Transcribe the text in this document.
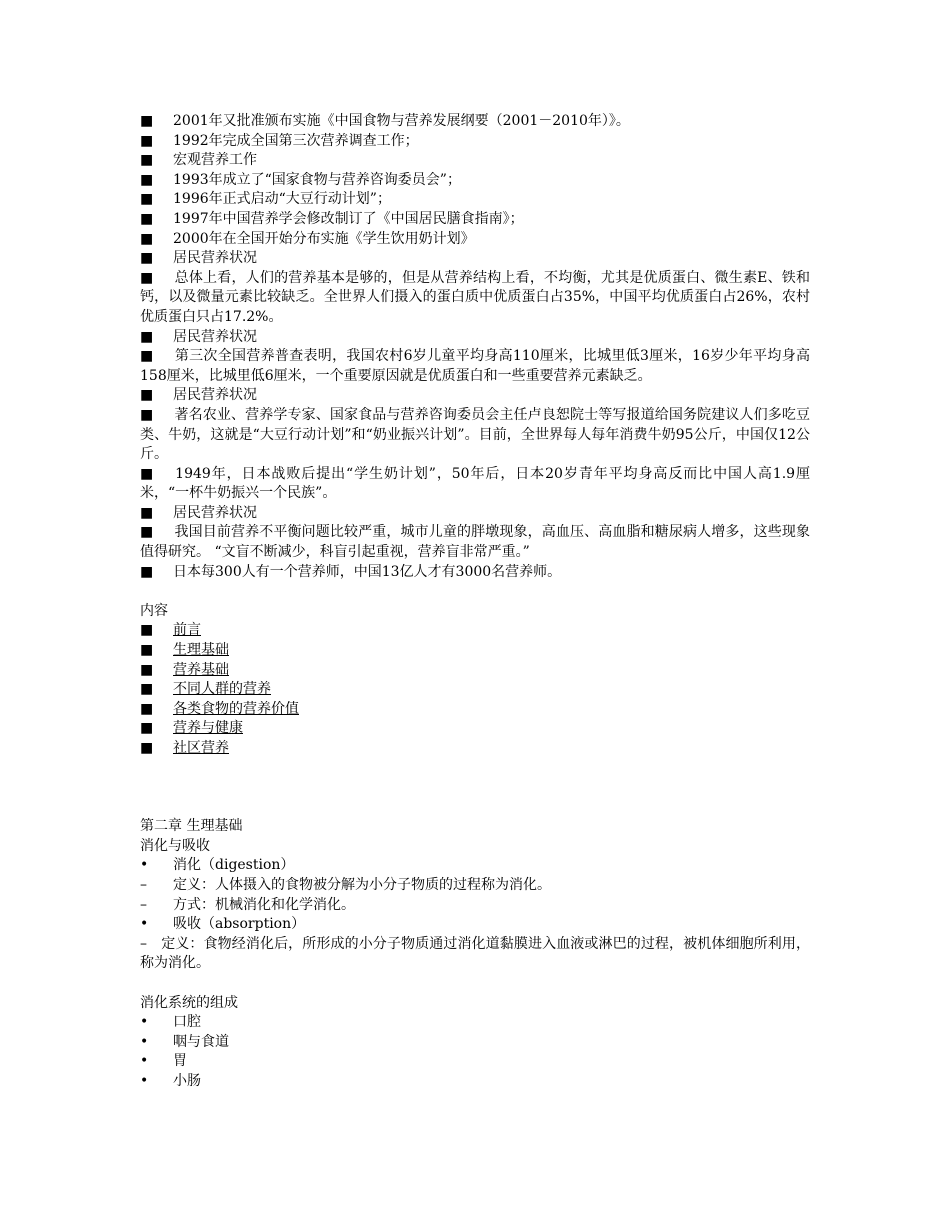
■	2001年又批准颁布实施《中国食物与营养发展纲要（2001－2010年）》。
■	1992年完成全国第三次营养调查工作；
■	宏观营养工作
■	1993年成立了“国家食物与营养咨询委员会”；
■	1996年正式启动“大豆行动计划”；
■	1997年中国营养学会修改制订了《中国居民膳食指南》；
■	2000年在全国开始分布实施《学生饮用奶计划》
■	居民营养状况
■   总体上看，人们的营养基本是够的，但是从营养结构上看，不均衡，尤其是优质蛋白、微生素E、铁和钙，以及微量元素比较缺乏。全世界人们摄入的蛋白质中优质蛋白占35%，中国平均优质蛋白占26%，农村优质蛋白只占17.2%。
■	居民营养状况
■   第三次全国营养普查表明，我国农村6岁儿童平均身高110厘米，比城里低3厘米，16岁少年平均身高158厘米，比城里低6厘米，一个重要原因就是优质蛋白和一些重要营养元素缺乏。
■	居民营养状况
■   著名农业、营养学专家、国家食品与营养咨询委员会主任卢良恕院士等写报道给国务院建议人们多吃豆类、牛奶，这就是“大豆行动计划”和“奶业振兴计划”。目前，全世界每人每年消费牛奶95公斤，中国仅12公斤。
■   1949年，日本战败后提出“学生奶计划”，50年后，日本20岁青年平均身高反而比中国人高1.9厘米，“一杯牛奶振兴一个民族”。
■	居民营养状况
■   我国目前营养不平衡问题比较严重，城市儿童的胖墩现象，高血压、高血脂和糖尿病人增多，这些现象值得研究。 “文盲不断减少，科盲引起重视，营养盲非常严重。”
■	日本每300人有一个营养师，中国13亿人才有3000名营养师。
内容
■	前言
■	生理基础
■	营养基础
■	不同人群的营养
■	各类食物的营养价值
■	营养与健康
■	社区营养
第二章 生理基础
消化与吸收
•	消化（digestion）
–	定义：人体摄入的食物被分解为小分子物质的过程称为消化。
–	方式：机械消化和化学消化。
•	吸收（absorption）
–　定义：食物经消化后，所形成的小分子物质通过消化道黏膜进入血液或淋巴的过程，被机体细胞所利用，称为消化。
消化系统的组成
•	口腔
•	咽与食道
•	胃
•	小肠
